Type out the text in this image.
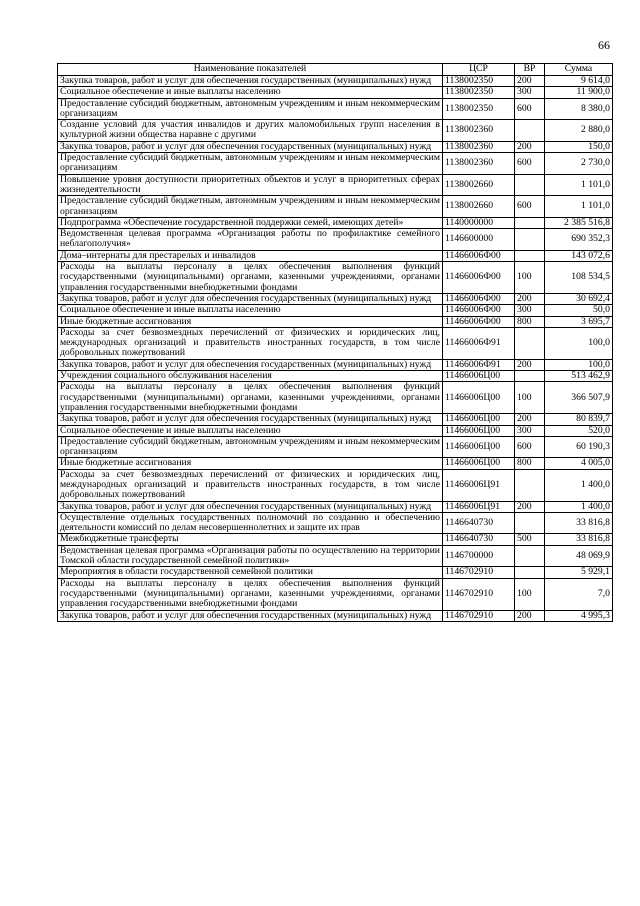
66
Наименование показателей	ЦСР	ВР	Сумма
Закупка товаров, работ и услуг для обеспечения государственных (муниципальных) нужд	1138002350	200	9 614,0
Социальное обеспечение и иные выплаты населению	1138002350	300	11 900,0
Предоставление субсидий бюджетным, автономным учреждениям и иным некоммерческим организациям	1138002350	600	8 380,0
Создание условий для участия инвалидов и других маломобильных групп населения в культурной жизни общества наравне с другими	1138002360		2 880,0
Закупка товаров, работ и услуг для обеспечения государственных (муниципальных) нужд	1138002360	200	150,0
Предоставление субсидий бюджетным, автономным учреждениям и иным некоммерческим организациям	1138002360	600	2 730,0
Повышение уровня доступности приоритетных объектов и услуг в приоритетных сферах жизнедеятельности	1138002660		1 101,0
Предоставление субсидий бюджетным, автономным учреждениям и иным некоммерческим организациям	1138002660	600	1 101,0
Подпрограмма «Обеспечение государственной поддержки семей, имеющих детей»	1140000000		2 385 516,8
Ведомственная целевая программа «Организация работы по профилактике семейного неблагополучия»	1146600000		690 352,3
Дома–интернаты для престарелых и инвалидов	11466006Ф00		143 072,6
Расходы на выплаты персоналу в целях обеспечения выполнения функций государственными (муниципальными) органами, казенными учреждениями, органами управления государственными внебюджетными фондами	11466006Ф00	100	108 534,5
Закупка товаров, работ и услуг для обеспечения государственных (муниципальных) нужд	11466006Ф00	200	30 692,4
Социальное обеспечение и иные выплаты населению	11466006Ф00	300	50,0
Иные бюджетные ассигнования	11466006Ф00	800	3 695,7
Расходы за счет безвозмездных перечислений от физических и юридических лиц, международных организаций и правительств иностранных государств, в том числе добровольных пожертвований	11466006Ф91		100,0
Закупка товаров, работ и услуг для обеспечения государственных (муниципальных) нужд	11466006Ф91	200	100,0
Учреждения социального обслуживания населения	11466006Ц00		513 462,9
Расходы на выплаты персоналу в целях обеспечения выполнения функций государственными (муниципальными) органами, казенными учреждениями, органами управления государственными внебюджетными фондами	11466006Ц00	100	366 507,9
Закупка товаров, работ и услуг для обеспечения государственных (муниципальных) нужд	11466006Ц00	200	80 839,7
Социальное обеспечение и иные выплаты населению	11466006Ц00	300	520,0
Предоставление субсидий бюджетным, автономным учреждениям и иным некоммерческим организациям	11466006Ц00	600	60 190,3
Иные бюджетные ассигнования	11466006Ц00	800	4 005,0
Расходы за счет безвозмездных перечислений от физических и юридических лиц, международных организаций и правительств иностранных государств, в том числе добровольных пожертвований	11466006Ц91		1 400,0
Закупка товаров, работ и услуг для обеспечения государственных (муниципальных) нужд	11466006Ц91	200	1 400,0
Осуществление отдельных государственных полномочий по созданию и обеспечению деятельности комиссий по делам несовершеннолетних и защите их прав	1146640730		33 816,8
Межбюджетные трансферты	1146640730	500	33 816,8
Ведомственная целевая программа «Организация работы по осуществлению на территории Томской области государственной семейной политики»	1146700000		48 069,9
Мероприятия в области государственной семейной политики	1146702910		5 929,1
Расходы на выплаты персоналу в целях обеспечения выполнения функций государственными (муниципальными) органами, казенными учреждениями, органами управления государственными внебюджетными фондами	1146702910	100	7,0
Закупка товаров, работ и услуг для обеспечения государственных (муниципальных) нужд	1146702910	200	4 995,3
